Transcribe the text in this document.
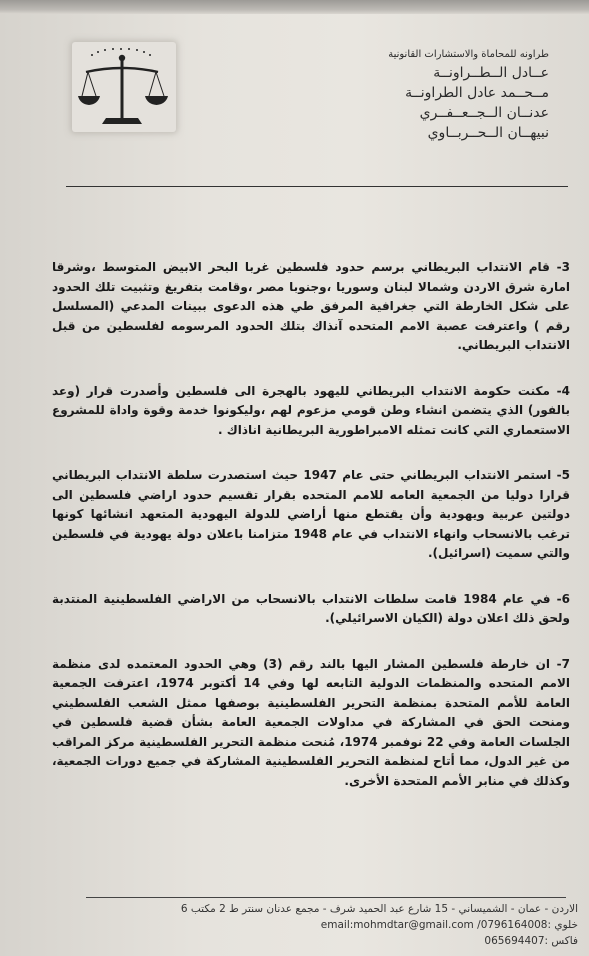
طراونه للمحاماة والاستشارات القانونية
عــادل الــطــراونــة
مــحــمد عادل الطراونــة
عدنــان الــجــعــفــري
نبيهــان الــحــربــاوي

3- قام الانتداب البريطاني برسم حدود فلسطين غربا البحر الابيض المتوسط ،وشرقا امارة شرق الاردن وشمالا لبنان وسوريا ،وجنوبا مصر ،وقامت بتفريغ وتثبيت تلك الحدود على شكل الخارطة التي جغرافية المرفق طي هذه الدعوى ببينات المدعي (المسلسل رقم ) واعترفت عصبة الامم المتحده آنذاك بتلك الحدود المرسومه لفلسطين من قبل الانتداب البريطاني.

4- مكنت حكومة الانتداب البريطاني لليهود بالهجرة الى فلسطين وأصدرت قرار (وعد بالفور) الذي يتضمن انشاء وطن قومي مزعوم لهم ،وليكونوا خدمة وقوة واداة للمشروع الاستعماري التي كانت تمثله الامبراطورية البريطانية اناذاك .

5- استمر الانتداب البريطاني حتى عام 1947 حيث استصدرت سلطة الانتداب البريطاني قرارا دوليا من الجمعية العامه للامم المتحده بقرار تقسيم حدود اراضي فلسطين الى دولتين عربية ويهودية وأن يقتطع منها أراضي للدولة اليهودية المتعهد انشائها كونها ترغب بالانسحاب وانهاء الانتداب في عام 1948 متزامنا باعلان دولة يهودية في فلسطين والتي سميت (اسرائيل).

6- في عام 1984 قامت سلطات الانتداب بالانسحاب من الاراضي الفلسطينية المنتدبة ولحق ذلك اعلان دولة (الكيان الاسرائيلي).

7- ان خارطة فلسطين المشار اليها بالند رقم (3) وهي الحدود المعتمده لدى منظمة الامم المتحده والمنظمات الدولية التابعه لها وفي 14 أكتوبر 1974، اعترفت الجمعية العامة للأمم المتحدة بمنظمة التحرير الفلسطينية بوصفها ممثل الشعب الفلسطيني ومنحت الحق في المشاركة في مداولات الجمعية العامة بشأن قضية فلسطين في الجلسات العامة وفي 22 نوفمبر 1974، مُنحت منظمة التحرير الفلسطينية مركز المراقب من غير الدول، مما أتاح لمنظمة التحرير الفلسطينية المشاركة في جميع دورات الجمعية، وكذلك في منابر الأمم المتحدة الأخرى.

الاردن - عمان - الشميساني - 15 شارع عبد الحميد شرف - مجمع عدنان سنتر ط 2 مكتب 6
خلوي :0796164008/ email:mohmdtar@gmail.com
فاكس :065694407
